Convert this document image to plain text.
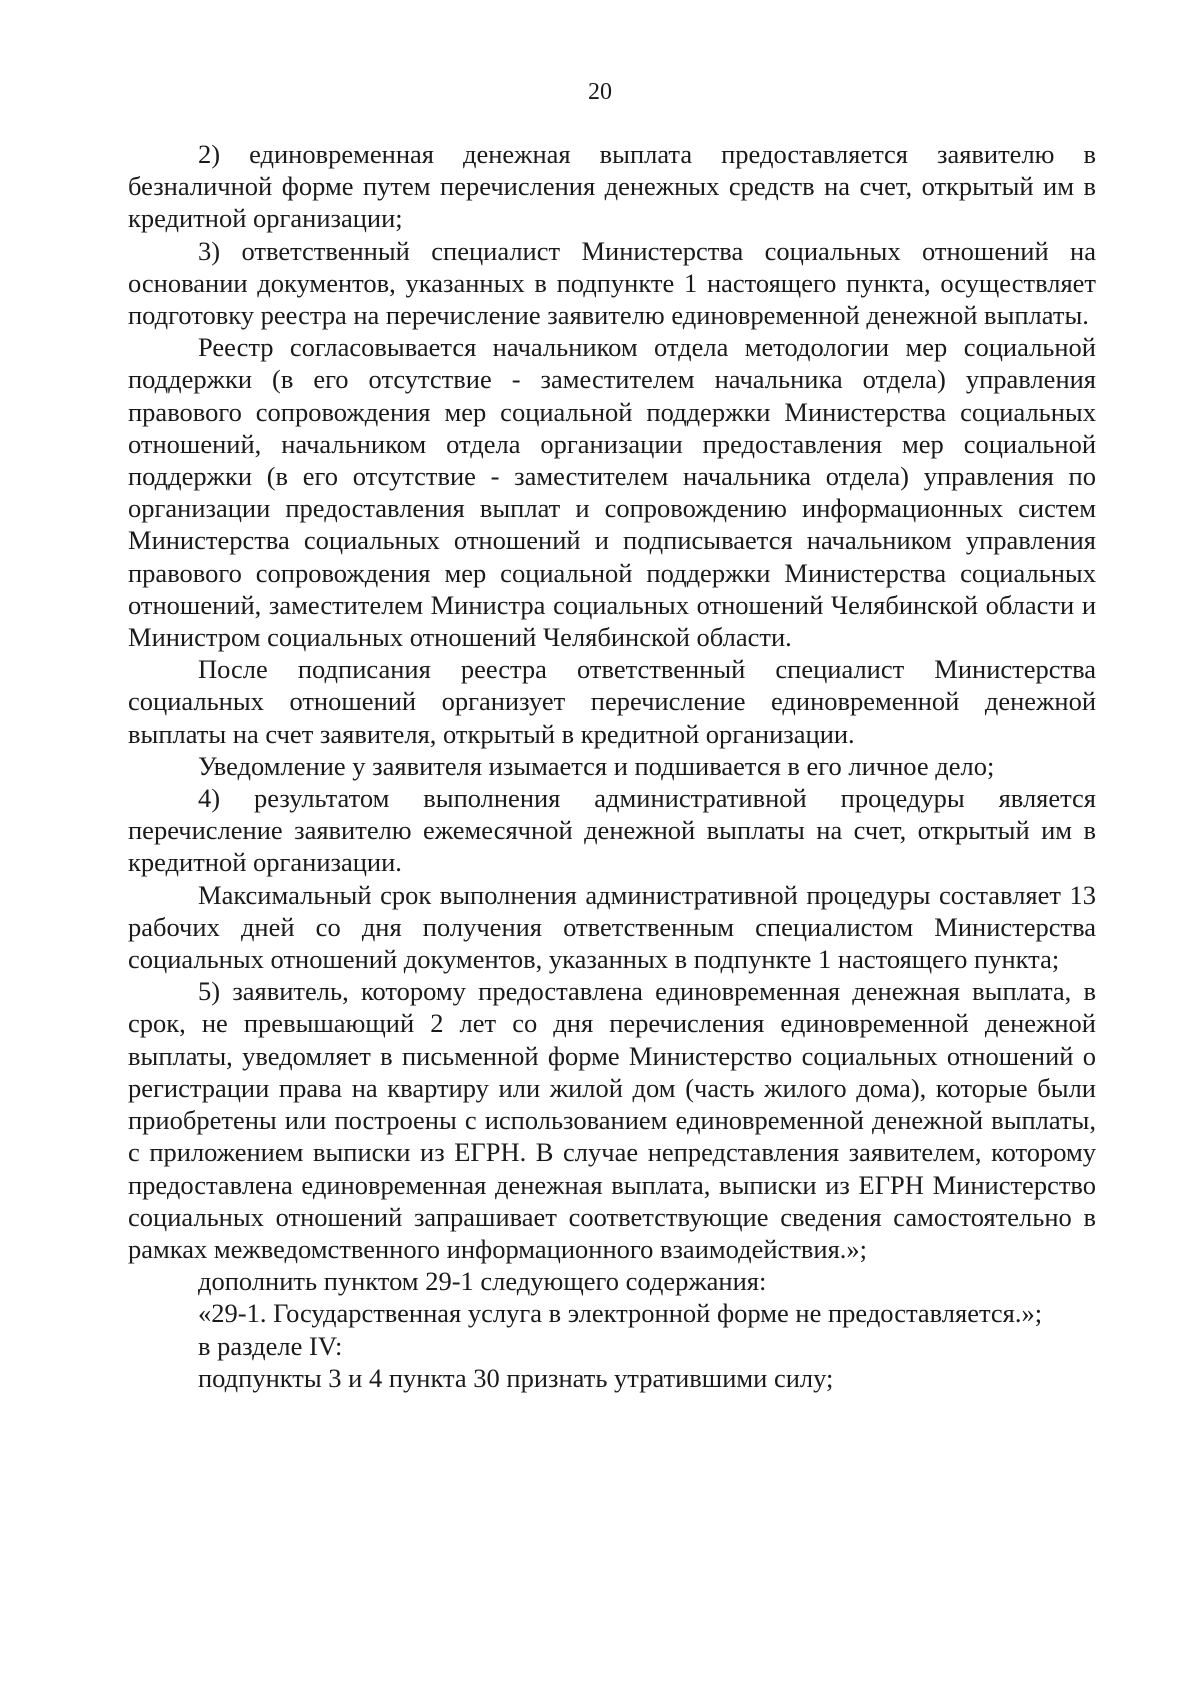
20

2) единовременная денежная выплата предоставляется заявителю в безналичной форме путем перечисления денежных средств на счет, открытый им в кредитной организации;

3) ответственный специалист Министерства социальных отношений на основании документов, указанных в подпункте 1 настоящего пункта, осуществляет подготовку реестра на перечисление заявителю единовременной денежной выплаты.

Реестр согласовывается начальником отдела методологии мер социальной поддержки (в его отсутствие - заместителем начальника отдела) управления правового сопровождения мер социальной поддержки Министерства социальных отношений, начальником отдела организации предоставления мер социальной поддержки (в его отсутствие - заместителем начальника отдела) управления по организации предоставления выплат и сопровождению информационных систем Министерства социальных отношений и подписывается начальником управления правового сопровождения мер социальной поддержки Министерства социальных отношений, заместителем Министра социальных отношений Челябинской области и Министром социальных отношений Челябинской области.

После подписания реестра ответственный специалист Министерства социальных отношений организует перечисление единовременной денежной выплаты на счет заявителя, открытый в кредитной организации.

Уведомление у заявителя изымается и подшивается в его личное дело;

4) результатом выполнения административной процедуры является перечисление заявителю ежемесячной денежной выплаты на счет, открытый им в кредитной организации.

Максимальный срок выполнения административной процедуры составляет 13 рабочих дней со дня получения ответственным специалистом Министерства социальных отношений документов, указанных в подпункте 1 настоящего пункта;

5) заявитель, которому предоставлена единовременная денежная выплата, в срок, не превышающий 2 лет со дня перечисления единовременной денежной выплаты, уведомляет в письменной форме Министерство социальных отношений о регистрации права на квартиру или жилой дом (часть жилого дома), которые были приобретены или построены с использованием единовременной денежной выплаты, с приложением выписки из ЕГРН. В случае непредставления заявителем, которому предоставлена единовременная денежная выплата, выписки из ЕГРН Министерство социальных отношений запрашивает соответствующие сведения самостоятельно в рамках межведомственного информационного взаимодействия.»;

дополнить пунктом 29-1 следующего содержания:

«29-1. Государственная услуга в электронной форме не предоставляется.»;

в разделе IV:

подпункты 3 и 4 пункта 30 признать утратившими силу;
